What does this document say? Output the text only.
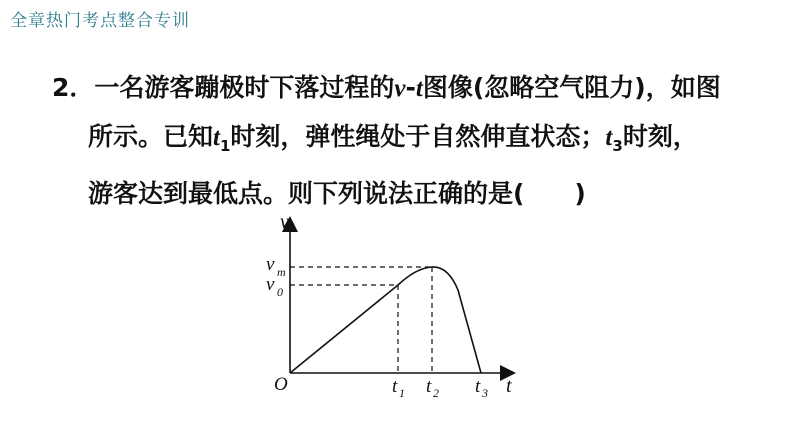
全章热门考点整合专训
2．一名游客蹦极时下落过程的v-t图像(忽略空气阻力)，如图
所示。已知$t_1$时刻，弹性绳处于自然伸直状态；$t_3$时刻，
游客达到最低点。则下列说法正确的是(　　)
v
t
O
v m
v 0
t 1 t 2 t 3
